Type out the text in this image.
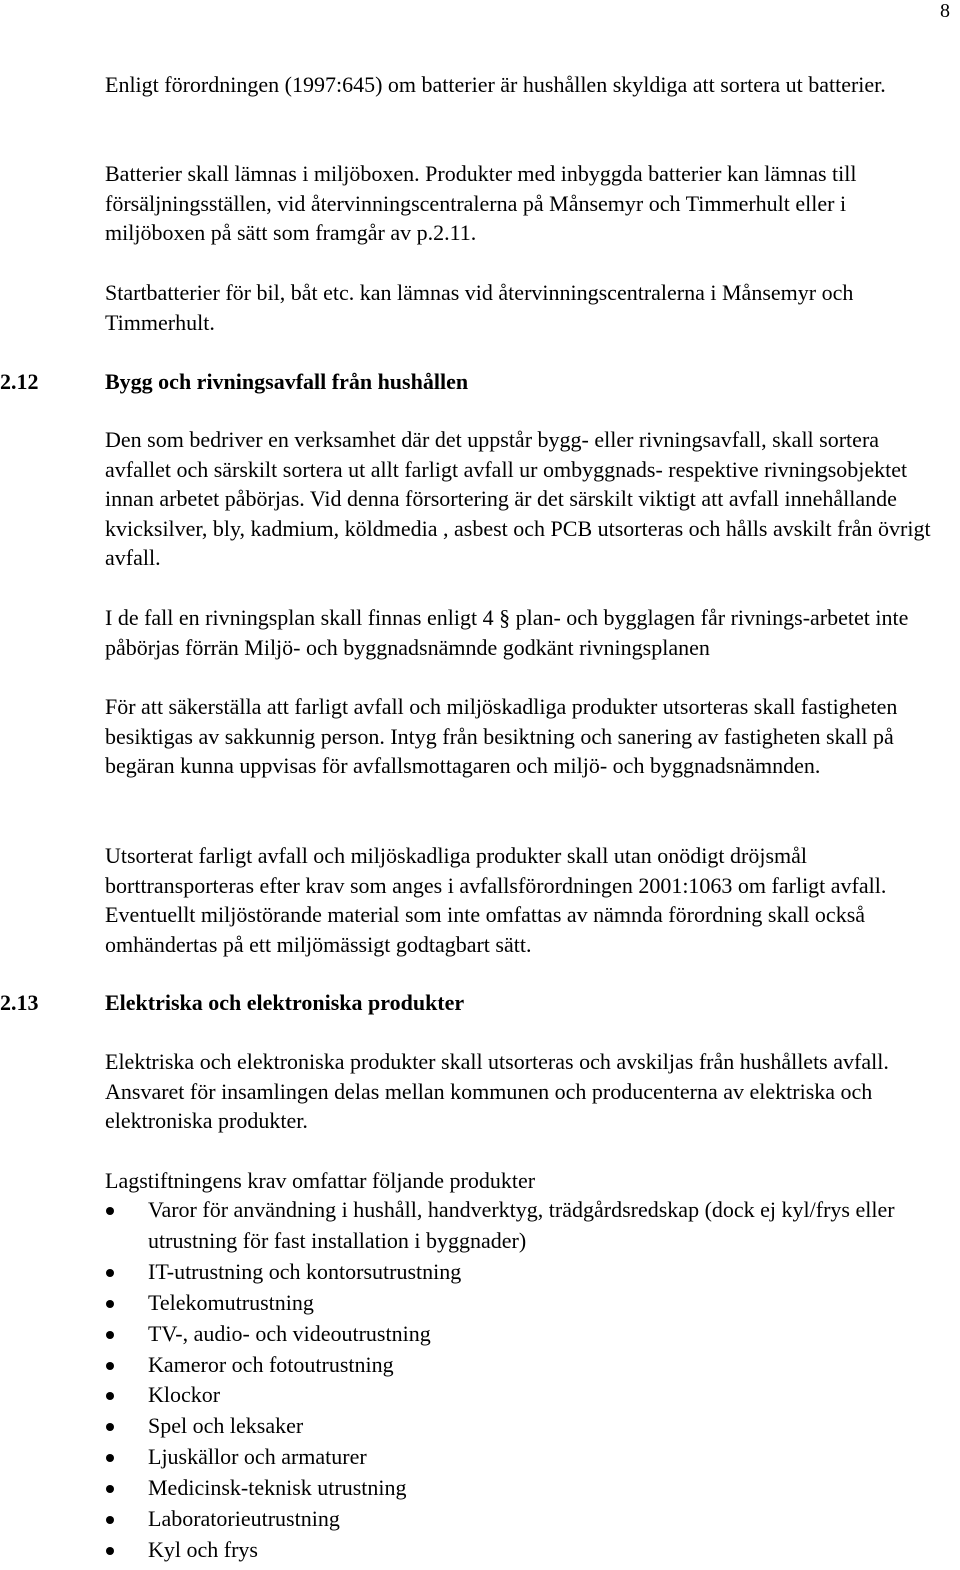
8

Enligt förordningen (1997:645) om batterier är hushållen skyldiga att sortera ut batterier.

Batterier skall lämnas i miljöboxen. Produkter med inbyggda batterier kan lämnas till försäljningsställen, vid återvinningscentralerna på Månsemyr och Timmerhult eller i miljöboxen på sätt som framgår av p.2.11.

Startbatterier för bil, båt etc. kan lämnas vid återvinningscentralerna i Månsemyr och Timmerhult.

2.12	Bygg och rivningsavfall från hushållen

Den som bedriver en verksamhet där det uppstår bygg- eller rivningsavfall, skall sortera avfallet och särskilt sortera ut allt farligt avfall ur ombyggnads- respektive rivningsobjektet innan arbetet påbörjas. Vid denna försortering är det särskilt viktigt att avfall innehållande kvicksilver, bly, kadmium, köldmedia , asbest och PCB utsorteras och hålls avskilt från övrigt avfall.

I de fall en rivningsplan skall finnas enligt 4 § plan- och bygglagen får rivnings-arbetet inte påbörjas förrän Miljö- och byggnadsnämnde godkänt rivningsplanen

För att säkerställa att farligt avfall och miljöskadliga produkter utsorteras skall fastigheten besiktigas av sakkunnig person. Intyg från besiktning och sanering av fastigheten skall på begäran kunna uppvisas för avfallsmottagaren och miljö- och byggnadsnämnden.

Utsorterat farligt avfall och miljöskadliga produkter skall utan onödigt dröjsmål borttransporteras efter krav som anges i avfallsförordningen 2001:1063 om farligt avfall. Eventuellt miljöstörande material som inte omfattas av nämnda förordning skall också omhändertas på ett miljömässigt godtagbart sätt.

2.13	Elektriska och elektroniska produkter

Elektriska och elektroniska produkter skall utsorteras och avskiljas från hushållets avfall. Ansvaret för insamlingen delas mellan kommunen och producenterna av elektriska och elektroniska produkter.

Lagstiftningens krav omfattar följande produkter

Varor för användning i hushåll, handverktyg, trädgårdsredskap (dock ej kyl/frys eller utrustning för fast installation i byggnader)
IT-utrustning och kontorsutrustning
Telekomutrustning
TV-, audio- och videoutrustning
Kameror och fotoutrustning
Klockor
Spel och leksaker
Ljuskällor och armaturer
Medicinsk-teknisk utrustning
Laboratorieutrustning
Kyl och frys
